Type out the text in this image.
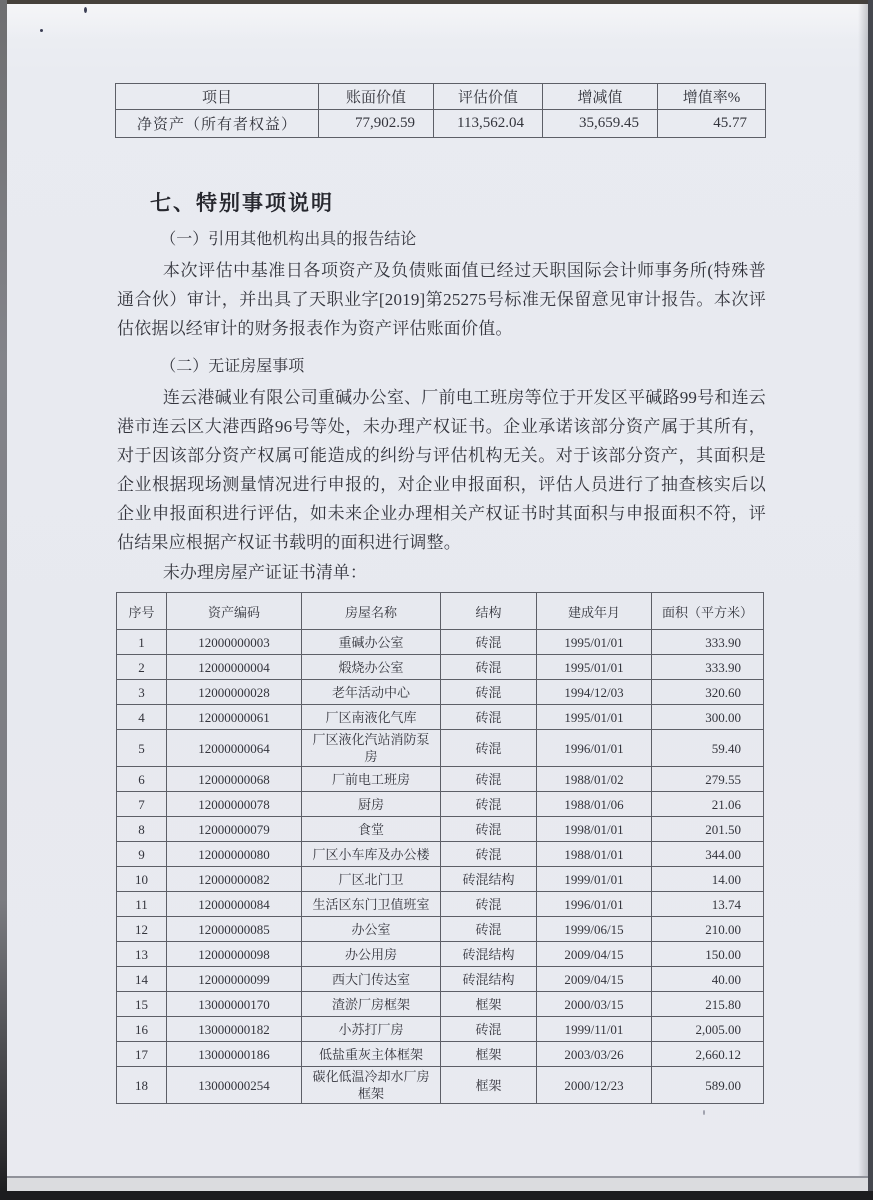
项目	账面价值	评估价值	增减值	增值率%
净资产（所有者权益）	77,902.59	113,562.04	35,659.45	45.77
七、特别事项说明

（一）引用其他机构出具的报告结论

本次评估中基准日各项资产及负债账面值已经过天职国际会计师事务所(特殊普通合伙）审计，并出具了天职业字[2019]第25275号标准无保留意见审计报告。本次评估依据以经审计的财务报表作为资产评估账面价值。

（二）无证房屋事项

连云港碱业有限公司重碱办公室、厂前电工班房等位于开发区平碱路99号和连云港市连云区大港西路96号等处，未办理产权证书。企业承诺该部分资产属于其所有，对于因该部分资产权属可能造成的纠纷与评估机构无关。对于该部分资产，其面积是企业根据现场测量情况进行申报的，对企业申报面积，评估人员进行了抽查核实后以企业申报面积进行评估，如未来企业办理相关产权证书时其面积与申报面积不符，评估结果应根据产权证书载明的面积进行调整。

未办理房屋产证证书清单：

序号	资产编码	房屋名称	结构	建成年月	面积（平方米）
1	12000000003	重碱办公室	砖混	1995/01/01	333.90
2	12000000004	煅烧办公室	砖混	1995/01/01	333.90
3	12000000028	老年活动中心	砖混	1994/12/03	320.60
4	12000000061	厂区南液化气库	砖混	1995/01/01	300.00
5	12000000064	厂区液化汽站消防泵房	砖混	1996/01/01	59.40
6	12000000068	厂前电工班房	砖混	1988/01/02	279.55
7	12000000078	厨房	砖混	1988/01/06	21.06
8	12000000079	食堂	砖混	1998/01/01	201.50
9	12000000080	厂区小车库及办公楼	砖混	1988/01/01	344.00
10	12000000082	厂区北门卫	砖混结构	1999/01/01	14.00
11	12000000084	生活区东门卫值班室	砖混	1996/01/01	13.74
12	12000000085	办公室	砖混	1999/06/15	210.00
13	12000000098	办公用房	砖混结构	2009/04/15	150.00
14	12000000099	西大门传达室	砖混结构	2009/04/15	40.00
15	13000000170	渣淤厂房框架	框架	2000/03/15	215.80
16	13000000182	小苏打厂房	砖混	1999/11/01	2,005.00
17	13000000186	低盐重灰主体框架	框架	2003/03/26	2,660.12
18	13000000254	碳化低温冷却水厂房框架	框架	2000/12/23	589.00
